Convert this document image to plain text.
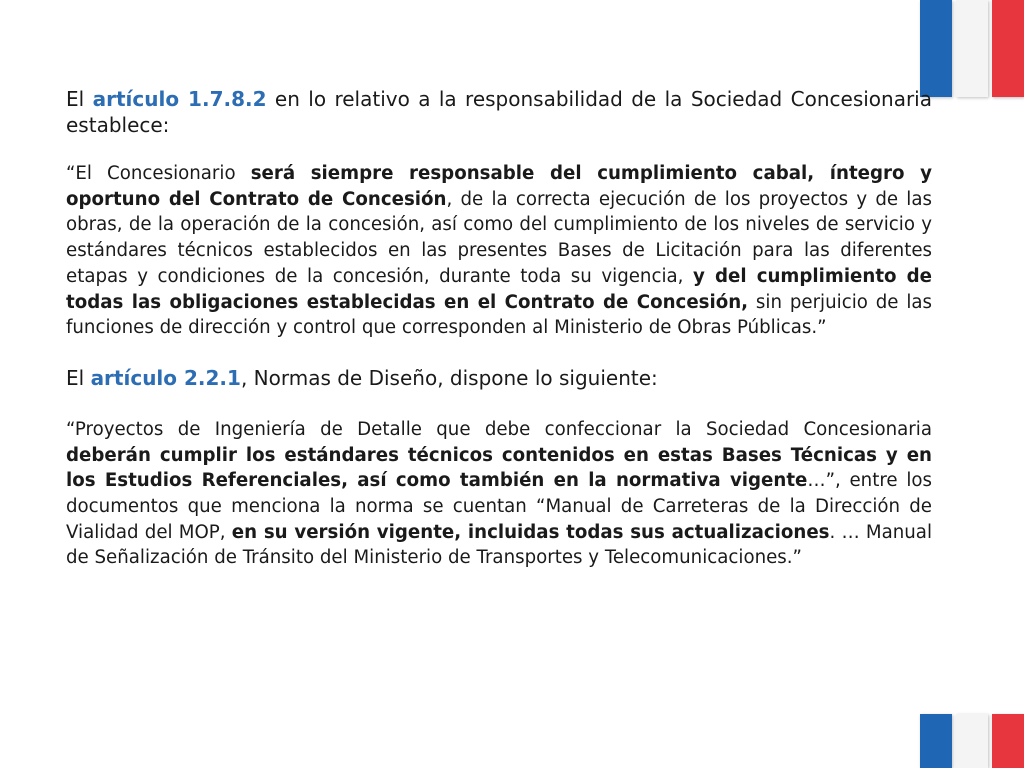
El artículo 1.7.8.2 en lo relativo a la responsabilidad de la Sociedad Concesionaria establece:

“El Concesionario será siempre responsable del cumplimiento cabal, íntegro y oportuno del Contrato de Concesión, de la correcta ejecución de los proyectos y de las obras, de la operación de la concesión, así como del cumplimiento de los niveles de servicio y estándares técnicos establecidos en las presentes Bases de Licitación para las diferentes etapas y condiciones de la concesión, durante toda su vigencia, y del cumplimiento de todas las obligaciones establecidas en el Contrato de Concesión, sin perjuicio de las funciones de dirección y control que corresponden al Ministerio de Obras Públicas.”

El artículo 2.2.1, Normas de Diseño, dispone lo siguiente:

“Proyectos de Ingeniería de Detalle que debe confeccionar la Sociedad Concesionaria deberán cumplir los estándares técnicos contenidos en estas Bases Técnicas y en los Estudios Referenciales, así como también en la normativa vigente…”, entre los documentos que menciona la norma se cuentan “Manual de Carreteras de la Dirección de Vialidad del MOP, en su versión vigente, incluidas todas sus actualizaciones. … Manual de Señalización de Tránsito del Ministerio de Transportes y Telecomunicaciones.”
